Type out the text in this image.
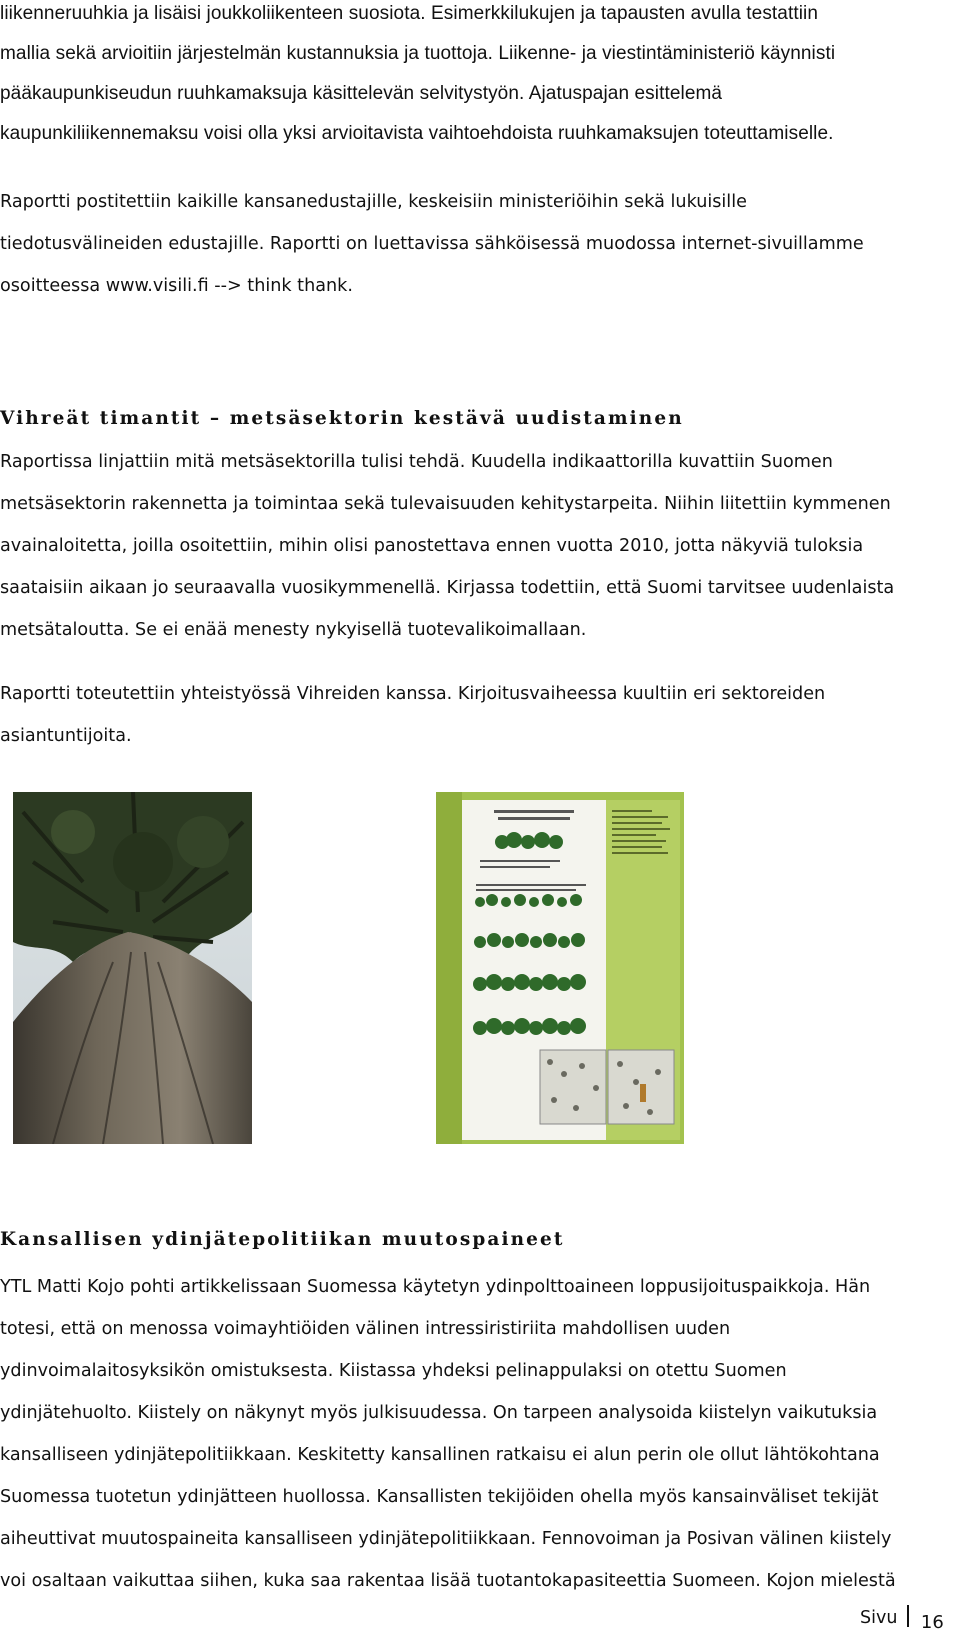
liikenneruuhkia ja lisäisi joukkoliikenteen suosiota. Esimerkkilukujen ja tapausten avulla testattiin
mallia sekä arvioitiin järjestelmän kustannuksia ja tuottoja. Liikenne- ja viestintäministeriö käynnisti
pääkaupunkiseudun ruuhkamaksuja käsittelevän selvitystyön. Ajatuspajan esittelemä
kaupunkiliikennemaksu voisi olla yksi arvioitavista vaihtoehdoista ruuhkamaksujen toteuttamiselle.
Raportti postitettiin kaikille kansanedustajille, keskeisiin ministeriöihin sekä lukuisille
tiedotusvälineiden edustajille. Raportti on luettavissa sähköisessä muodossa internet-sivuillamme
osoitteessa www.visili.fi --> think thank.
Vihreät timantit – metsäsektorin kestävä uudistaminen
Raportissa linjattiin mitä metsäsektorilla tulisi tehdä. Kuudella indikaattorilla kuvattiin Suomen
metsäsektorin rakennetta ja toimintaa sekä tulevaisuuden kehitystarpeita. Niihin liitettiin kymmenen
avainaloitetta, joilla osoitettiin, mihin olisi panostettava ennen vuotta 2010, jotta näkyviä tuloksia
saataisiin aikaan jo seuraavalla vuosikymmenellä. Kirjassa todettiin, että Suomi tarvitsee uudenlaista
metsätaloutta. Se ei enää menesty nykyisellä tuotevalikoimallaan.
Raportti toteutettiin yhteistyössä Vihreiden kanssa. Kirjoitusvaiheessa kuultiin eri sektoreiden
asiantuntijoita.
Kansallisen ydinjätepolitiikan muutospaineet
YTL Matti Kojo pohti artikkelissaan Suomessa käytetyn ydinpolttoaineen loppusijoituspaikkoja. Hän
totesi, että on menossa voimayhtiöiden välinen intressiristiriita mahdollisen uuden
ydinvoimalaitosyksikön omistuksesta. Kiistassa yhdeksi pelinappulaksi on otettu Suomen
ydinjätehuolto. Kiistely on näkynyt myös julkisuudessa. On tarpeen analysoida kiistelyn vaikutuksia
kansalliseen ydinjätepolitiikkaan. Keskitetty kansallinen ratkaisu ei alun perin ole ollut lähtökohtana
Suomessa tuotetun ydinjätteen huollossa. Kansallisten tekijöiden ohella myös kansainväliset tekijät
aiheuttivat muutospaineita kansalliseen ydinjätepolitiikkaan. Fennovoiman ja Posivan välinen kiistely
voi osaltaan vaikuttaa siihen, kuka saa rakentaa lisää tuotantokapasiteettia Suomeen. Kojon mielestä
Sivu 16
